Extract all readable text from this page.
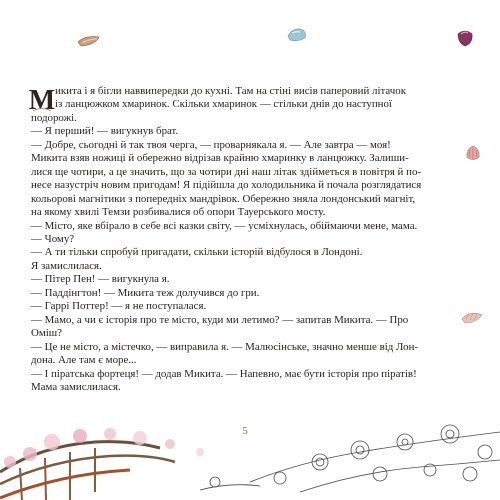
М икита і я бігли наввипередки до кухні. Там на стіні висів паперовий літачок
із ланцюжком хмаринок. Скільки хмаринок — стільки днів до наступної
подорожі.
— Я перший! — вигукнув брат.
— Добре, сьогодні й так твоя черга, — проварнякала я. — Але завтра — моя!
Микита взяв ножиці й обережно відрізав крайню хмаринку в ланцюжку. Залиши-
лися ще чотири, а це значить, що за чотири дні наш літак здійметься в повітря й по-
несе назустріч новим пригодам! Я підійшла до холодильника й почала розглядатися
кольорові магнітики з попередніх мандрівок. Обережно зняла лондонський магніт,
на якому хвилі Темзи розбивалися об опори Тауерського мосту.
— Місто, яке вбірало в себе всі казки світу, — усміхнулась, обіймаючи мене, мама.
— Чому?
— А ти тільки спробуй пригадати, скільки історій відбулося в Лондоні.
Я замислилася.
— Пітер Пен! — вигукнула я.
— Паддінгтон! — Микита теж долучився до гри.
— Гаррі Поттер! — я не поступалася.
— Мамо, а чи є історія про те місто, куди ми летимо? — запитав Микита. — Про
Оміш?
— Це не місто, а містечко, — виправила я. — Малюсінське, значно менше від Лон-
дона. Але там є море...
— І піратська фортеця! — додав Микита. — Напевно, має бути історія про піратів!
Мама замислилася.
5
